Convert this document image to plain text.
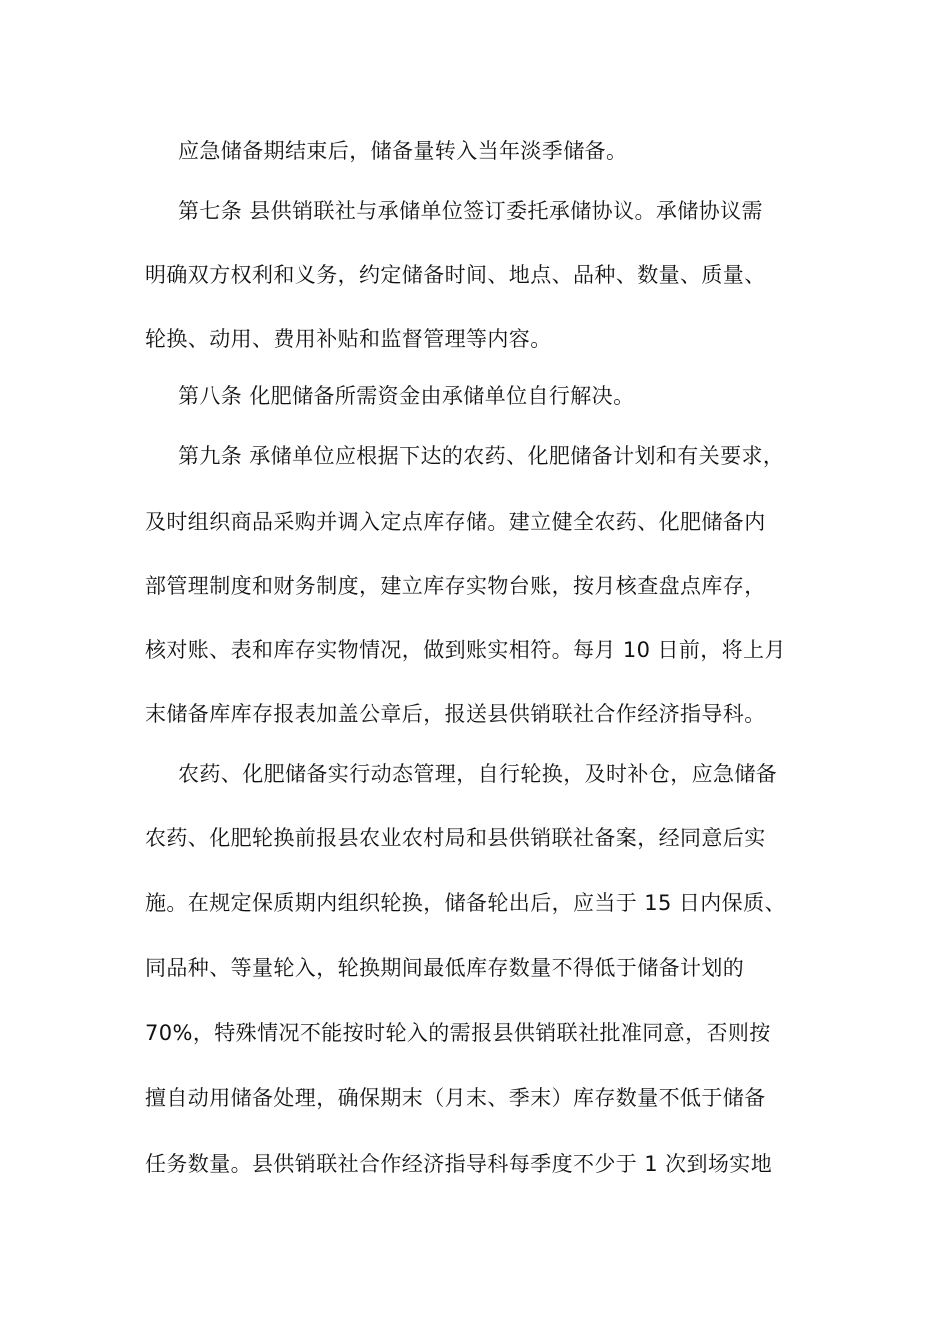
应急储备期结束后，储备量转入当年淡季储备。
第七条 县供销联社与承储单位签订委托承储协议。承储协议需
明确双方权利和义务，约定储备时间、地点、品种、数量、质量、
轮换、动用、费用补贴和监督管理等内容。
第八条 化肥储备所需资金由承储单位自行解决。
第九条 承储单位应根据下达的农药、化肥储备计划和有关要求，
及时组织商品采购并调入定点库存储。建立健全农药、化肥储备内
部管理制度和财务制度，建立库存实物台账，按月核查盘点库存，
核对账、表和库存实物情况，做到账实相符。每月 10 日前，将上月
末储备库库存报表加盖公章后，报送县供销联社合作经济指导科。
农药、化肥储备实行动态管理，自行轮换，及时补仓，应急储备
农药、化肥轮换前报县农业农村局和县供销联社备案，经同意后实
施。在规定保质期内组织轮换，储备轮出后，应当于 15 日内保质、
同品种、等量轮入，轮换期间最低库存数量不得低于储备计划的
70%，特殊情况不能按时轮入的需报县供销联社批准同意，否则按
擅自动用储备处理，确保期末（月末、季末）库存数量不低于储备
任务数量。县供销联社合作经济指导科每季度不少于 1 次到场实地
